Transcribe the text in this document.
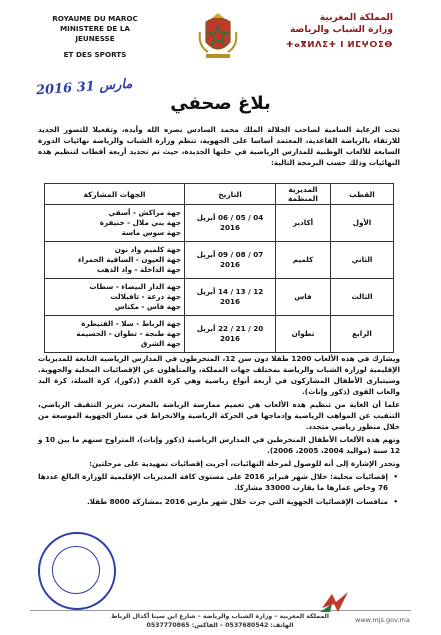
ROYAUME DU MAROC
MINISTERE DE LA JEUNESSE
ET DES SPORTS
المملكة المغربية
وزارة الشباب والرياضة
ⵜⴰⴳⵍⴷⵉⵜ ⵏ ⵍⵎⵖⵔⵉⴱ
2016 مارس 31
بلاغ صحفي
تحت الرعاية السامية لصاحب الجلالة الملك محمد السادس نصره الله وأيده، وتفعيلا للتصور الجديد للارتقاء بالرياضة القاعدية، المعتمد أساسا على الجهوية، تنظم وزارة الشباب والرياضة نهائيات الدورة السابعة للألعاب الوطنية للمدارس الرياضية في حلتها الجديدة، حيث تم تحديد أربعة أقطاب لتنظيم هذه النهائيات وذلك حسب البرمجة التالية:
القطب	المديرية المنظمة	التاريخ	الجهات المشاركة
الأول	أكادير	04 / 05 / 06 أبريل 2016	جهة مراكش - أسفي
جهة بني ملال - خنيفرة
جهة سوس ماسة

الثاني	كلميم	07 / 08 / 09 أبريل 2016	جهة كلميم واد نون
جهة العيون - الساقية الحمراء
جهة الداخلة - واد الذهب

الثالث	فاس	12 / 13 / 14 أبريل 2016	جهة الدار البيضاء - سطات
جهة درعة - تافيلالت
جهة فاس - مكناس

الرابع	تطوان	20 / 21 / 22 أبريل 2016	جهة الرباط - سلا - القنيطرة
جهة طنجة - تطوان - الحسيمة
جهة الشرق

ويشارك في هذه الألعاب 1200 طفلا دون سن 12، المنخرطون في المدارس الرياضية التابعة للمديريات الإقليمية لوزارة الشباب والرياضة بمختلف جهات المملكة، والمتأهلون عن الإقصائيات المحلية والجهوية. وسيتبارى الأطفال المشاركون في أربعة أنواع رياضية وهي كرة القدم (ذكور)، كرة السلة، كرة اليد والعاب القوى (ذكور وإناث).

علما أن الغاية من تنظيم هذه الألعاب هي تعميم ممارسة الرياضة بالمغرب، تعزيز التثقيف الرياضي، التنقيب عن المواهب الرياضية وإدماجها في الحركة الرياضية والانخراط في مسار الجهوية الموسعة من خلال منظور رياضي متجدد.

وتهم هذه الألعاب الأطفال المنخرطين في المدارس الرياضية (ذكور وإناث)، المتراوح سنهم ما بين 10 و 12 سنة (مواليد 2004، 2005، 2006).

وتجدر الإشارة إلى أنه للوصول لمرحلة النهائيات، أجريت إقصائيات تمهيدية على مرحلتين:

• إقصائيات محلية: خلال شهر فبراير 2016 على مستوى كافة المديريات الإقليمية للوزارة البالغ عددها 76 وخاض غمارها ما يقارب 33000 مشاركا.
• منافسات الإقصائيات الجهوية التي جرت خلال شهر مارس 2016 بمشاركة 8000 طفلا.
المملكة المغربية – وزارة الشباب والرياضة – شارع ابن سينا أكدال الرباط
الهاتف: 0537680542 – الفاكس: 0537770865
www.mjs.gov.ma
